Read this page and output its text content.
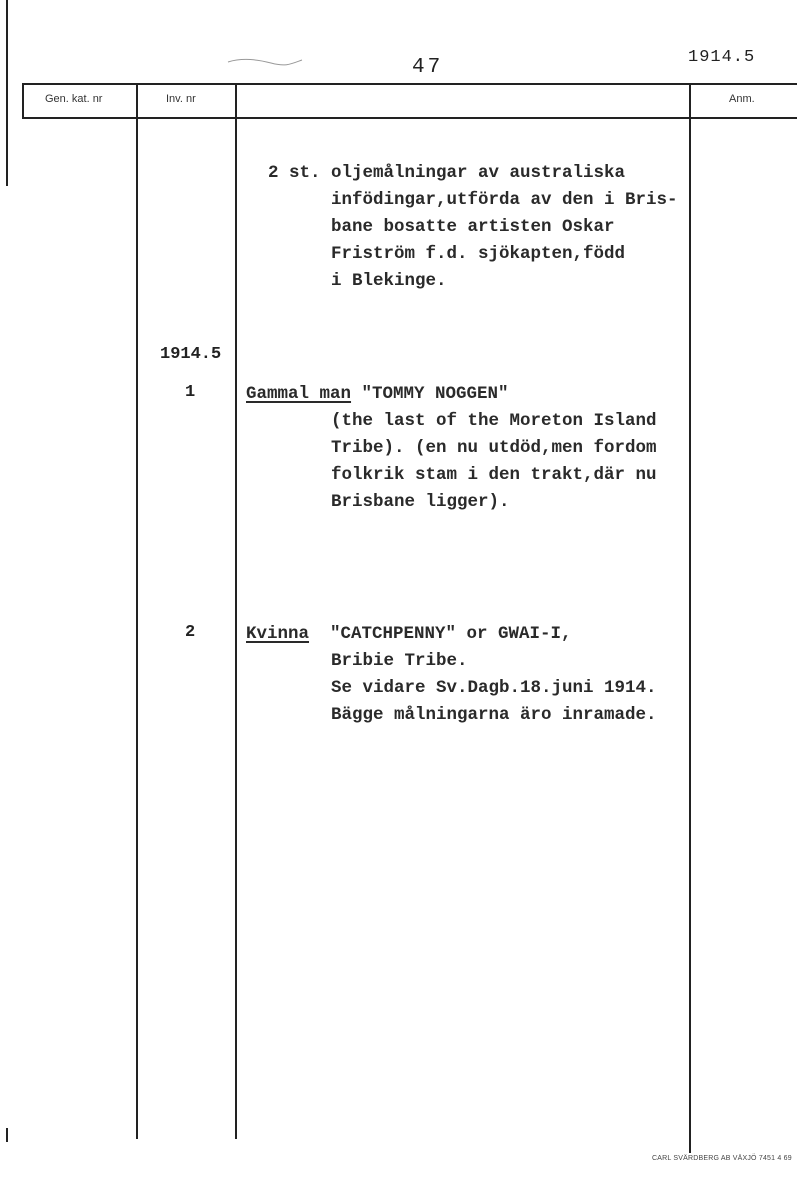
47	1914.5
Gen. kat. nr	Inv. nr	Anm.
2 st. oljemålningar av australiska
infödingar,utförda av den i Bris-
bane bosatte artisten Oskar
Friström f.d. sjökapten,född
i Blekinge.
1914.5
1	Gammal man "TOMMY NOGGEN"
(the last of the Moreton Island
Tribe). (en nu utdöd,men fordom
folkrik stam i den trakt,där nu
Brisbane ligger).
2	Kvinna  "CATCHPENNY" or GWAI-I,
Bribie Tribe.
Se vidare Sv.Dagb.18.juni 1914.
Bägge målningarna äro inramade.
CARL SVÄRDBERG AB VÄXJÖ 7451 4 69
